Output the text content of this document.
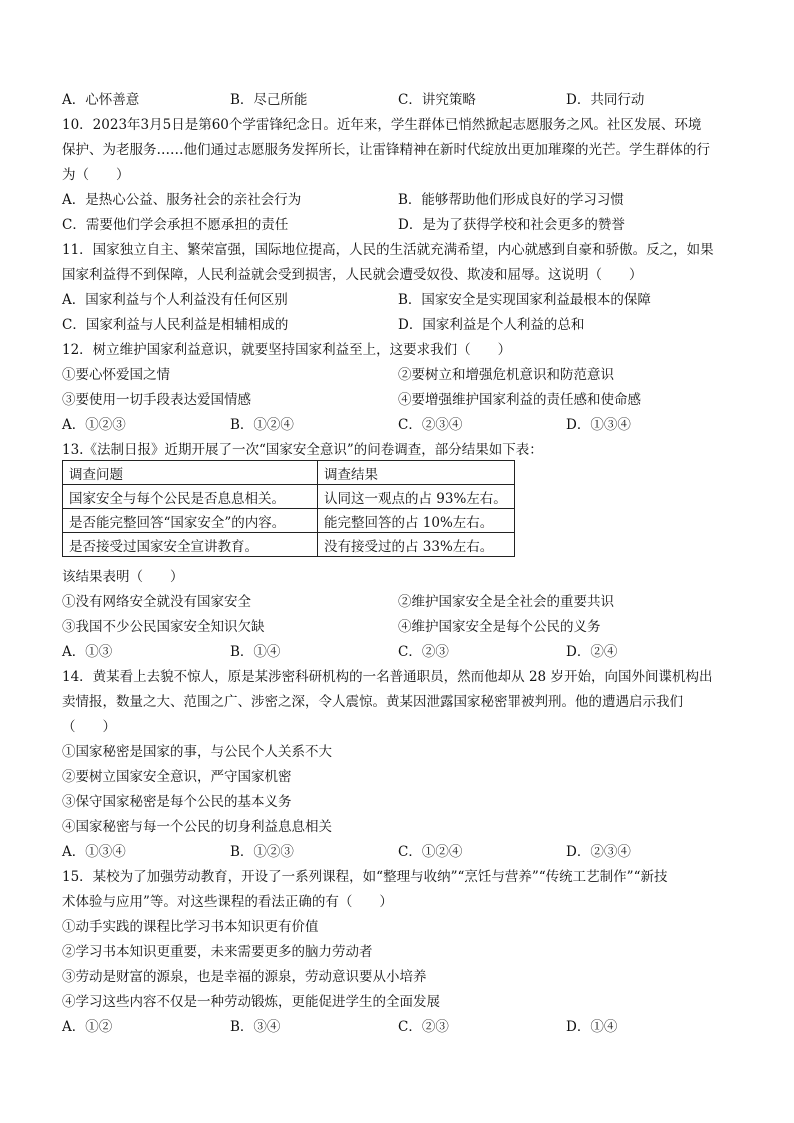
A．心怀善意	B．尽己所能	C．讲究策略	D．共同行动
10．2023年3月5日是第60个学雷锋纪念日。近年来，学生群体已悄然掀起志愿服务之风。社区发展、环境
保护、为老服务……他们通过志愿服务发挥所长，让雷锋精神在新时代绽放出更加璀璨的光芒。学生群体的行
为（　　）
A．是热心公益、服务社会的亲社会行为	B．能够帮助他们形成良好的学习习惯
C．需要他们学会承担不愿承担的责任	D．是为了获得学校和社会更多的赞誉
11．国家独立自主、繁荣富强，国际地位提高，人民的生活就充满希望，内心就感到自豪和骄傲。反之，如果
国家利益得不到保障，人民利益就会受到损害，人民就会遭受奴役、欺凌和屈辱。这说明（　　）
A．国家利益与个人利益没有任何区别	B．国家安全是实现国家利益最根本的保障
C．国家利益与人民利益是相辅相成的	D．国家利益是个人利益的总和
12．树立维护国家利益意识，就要坚持国家利益至上，这要求我们（　　）
①要心怀爱国之情	②要树立和增强危机意识和防范意识
③要使用一切手段表达爱国情感	④要增强维护国家利益的责任感和使命感
A．①②③	B．①②④	C．②③④	D．①③④
13.《法制日报》近期开展了一次“国家安全意识”的问卷调查，部分结果如下表：
调查问题	调查结果
国家安全与每个公民是否息息相关。	认同这一观点的占 93%左右。
是否能完整回答“国家安全”的内容。	能完整回答的占 10%左右。
是否接受过国家安全宣讲教育。	没有接受过的占 33%左右。
该结果表明（　　）
①没有网络安全就没有国家安全	②维护国家安全是全社会的重要共识
③我国不少公民国家安全知识欠缺	④维护国家安全是每个公民的义务
A．①③	B．①④	C．②③	D．②④
14．黄某看上去貌不惊人，原是某涉密科研机构的一名普通职员，然而他却从 28 岁开始，向国外间谍机构出
卖情报，数量之大、范围之广、涉密之深，令人震惊。黄某因泄露国家秘密罪被判刑。他的遭遇启示我们
（　　）
①国家秘密是国家的事，与公民个人关系不大
②要树立国家安全意识，严守国家机密
③保守国家秘密是每个公民的基本义务
④国家秘密与每一个公民的切身利益息息相关
A．①③④	B．①②③	C．①②④	D．②③④
15．某校为了加强劳动教育，开设了一系列课程，如“整理与收纳”“烹饪与营养”“传统工艺制作”“新技
术体验与应用”等。对这些课程的看法正确的有（　　）
①动手实践的课程比学习书本知识更有价值
②学习书本知识更重要，未来需要更多的脑力劳动者
③劳动是财富的源泉，也是幸福的源泉，劳动意识要从小培养
④学习这些内容不仅是一种劳动锻炼，更能促进学生的全面发展
A．①②	B．③④	C．②③	D．①④
